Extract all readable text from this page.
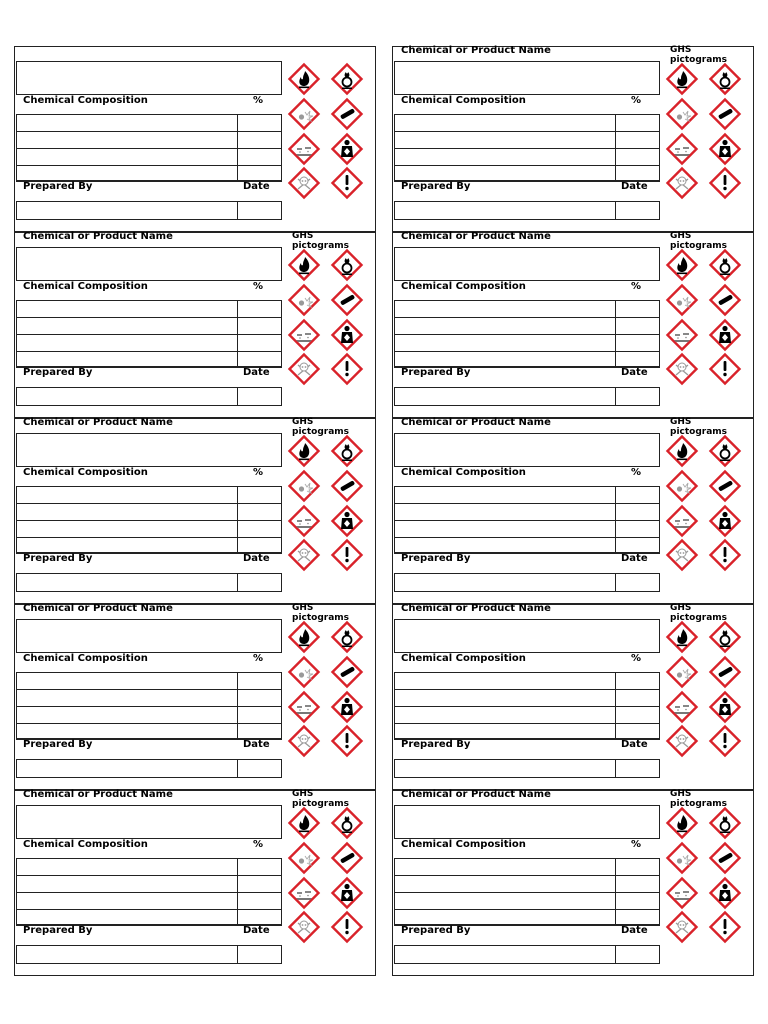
Chemical Composition	%
Prepared By	Date
Chemical or Product Name	GHS pictograms
Chemical Composition	%
Prepared By	Date
Chemical or Product Name	GHS pictograms
Chemical Composition	%
Prepared By	Date
Chemical or Product Name	GHS pictograms
Chemical Composition	%
Prepared By	Date
Chemical or Product Name	GHS pictograms
Chemical Composition	%
Prepared By	Date
Chemical or Product Name	GHS pictograms
Chemical Composition	%
Prepared By	Date
Chemical or Product Name	GHS pictograms
Chemical Composition	%
Prepared By	Date
Chemical or Product Name	GHS pictograms
Chemical Composition	%
Prepared By	Date
Chemical or Product Name	GHS pictograms
Chemical Composition	%
Prepared By	Date
Chemical or Product Name	GHS pictograms
Chemical Composition	%
Prepared By	Date
